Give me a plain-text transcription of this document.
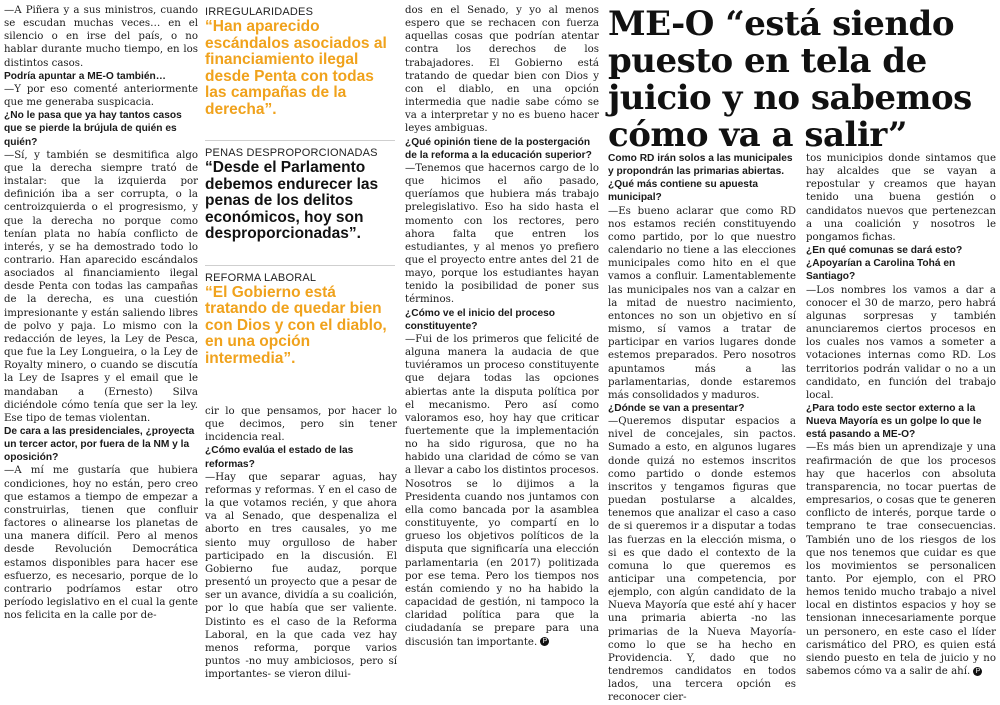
—A Piñera y a sus ministros, cuando se escudan muchas veces… en el silencio o en irse del país, o no hablar durante mucho tiempo, en los distintos casos.

Podría apuntar a ME-O también…

—Y por eso comenté anteriormente que me generaba suspicacia.

¿No le pasa que ya hay tantos casos que se pierde la brújula de quién es quién?

—Sí, y también se desmitifica algo que la derecha siempre trató de instalar: que la izquierda por definición iba a ser corrupta, o la centroizquierda o el progresismo, y que la derecha no porque como tenían plata no había conflicto de interés, y se ha demostrado todo lo contrario. Han aparecido escándalos asociados al financiamiento ilegal desde Penta con todas las campañas de la derecha, es una cuestión impresionante y están saliendo libres de polvo y paja. Lo mismo con la redacción de leyes, la Ley de Pesca, que fue la Ley Longueira, o la Ley de Royalty minero, o cuando se discutía la Ley de Isapres y el email que le mandaban a (Ernesto) Silva diciéndole cómo tenía que ser la ley. Ese tipo de temas violentan.

De cara a las presidenciales, ¿proyecta un tercer actor, por fuera de la NM y la oposición?

—A mí me gustaría que hubiera condiciones, hoy no están, pero creo que estamos a tiempo de empezar a construirlas, tienen que confluir factores o alinearse los planetas de una manera difícil. Pero al menos desde Revolución Democrática estamos disponibles para hacer ese esfuerzo, es necesario, porque de lo contrario podríamos estar otro período legislativo en el cual la gente nos felicita en la calle por de-

IRREGULARIDADES

“Han aparecido escándalos asociados al financiamiento ilegal desde Penta con todas las campañas de la derecha”.

PENAS DESPROPORCIONADAS

“Desde el Parlamento debemos endurecer las penas de los delitos económicos, hoy son desproporcionadas”.

REFORMA LABORAL

“El Gobierno está tratando de quedar bien con Dios y con el diablo, en una opción intermedia”.

cir lo que pensamos, por hacer lo que decimos, pero sin tener incidencia real.

¿Cómo evalúa el estado de las reformas?

—Hay que separar aguas, hay reformas y reformas. Y en el caso de la que votamos recién, y que ahora va al Senado, que despenaliza el aborto en tres causales, yo me siento muy orgulloso de haber participado en la discusión. El Gobierno fue audaz, porque presentó un proyecto que a pesar de ser un avance, dividía a su coalición, por lo que había que ser valiente. Distinto es el caso de la Reforma Laboral, en la que cada vez hay menos reforma, porque varios puntos -no muy ambiciosos, pero sí importantes- se vieron dilui-

dos en el Senado, y yo al menos espero que se rechacen con fuerza aquellas cosas que podrían atentar contra los derechos de los trabajadores. El Gobierno está tratando de quedar bien con Dios y con el diablo, en una opción intermedia que nadie sabe cómo se va a interpretar y no es bueno hacer leyes ambiguas.

¿Qué opinión tiene de la postergación de la reforma a la educación superior?

—Tenemos que hacernos cargo de lo que hicimos el año pasado, queríamos que hubiera más trabajo prelegislativo. Eso ha sido hasta el momento con los rectores, pero ahora falta que entren los estudiantes, y al menos yo prefiero que el proyecto entre antes del 21 de mayo, porque los estudiantes hayan tenido la posibilidad de poner sus términos.

¿Cómo ve el inicio del proceso constituyente?

—Fui de los primeros que felicité de alguna manera la audacia de que tuviéramos un proceso constituyente que dejara todas las opciones abiertas ante la disputa política por el mecanismo. Pero así como valoramos eso, hoy hay que criticar fuertemente que la implementación no ha sido rigurosa, que no ha habido una claridad de cómo se van a llevar a cabo los distintos procesos. Nosotros se lo dijimos a la Presidenta cuando nos juntamos con ella como bancada por la asamblea constituyente, yo compartí en lo grueso los objetivos políticos de la disputa que significaría una elección parlamentaria (en 2017) politizada por ese tema. Pero los tiempos nos están comiendo y no ha habido la capacidad de gestión, ni tampoco la claridad política para que la ciudadanía se prepare para una discusión tan importante. P

ME-O “está siendo puesto en tela de juicio y no sabemos cómo va a salir”

Como RD irán solos a las municipales y propondrán las primarias abiertas. ¿Qué más contiene su apuesta municipal?

—Es bueno aclarar que como RD nos estamos recién constituyendo como partido, por lo que nuestro calendario no tiene a las elecciones municipales como hito en el que vamos a confluir. Lamentablemente las municipales nos van a calzar en la mitad de nuestro nacimiento, entonces no son un objetivo en sí mismo, sí vamos a tratar de participar en varios lugares donde estemos preparados. Pero nosotros apuntamos más a las parlamentarias, donde estaremos más consolidados y maduros.

¿Dónde se van a presentar?

—Queremos disputar espacios a nivel de concejales, sin pactos. Sumado a esto, en algunos lugares donde quizá no estemos inscritos como partido o donde estemos inscritos y tengamos figuras que puedan postularse a alcaldes, tenemos que analizar el caso a caso de si queremos ir a disputar a todas las fuerzas en la elección misma, o si es que dado el contexto de la comuna lo que queremos es anticipar una competencia, por ejemplo, con algún candidato de la Nueva Mayoría que esté ahí y hacer una primaria abierta -no las primarias de la Nueva Mayoría- como lo que se ha hecho en Providencia. Y, dado que no tendremos candidatos en todos lados, una tercera opción es reconocer cier-

tos municipios donde sintamos que hay alcaldes que se vayan a repostular y creamos que hayan tenido una buena gestión o candidatos nuevos que pertenezcan a una coalición y nosotros le pongamos fichas.

¿En qué comunas se dará esto?

¿Apoyarían a Carolina Tohá en Santiago?

—Los nombres los vamos a dar a conocer el 30 de marzo, pero habrá algunas sorpresas y también anunciaremos ciertos procesos en los cuales nos vamos a someter a votaciones internas como RD. Los territorios podrán validar o no a un candidato, en función del trabajo local.

¿Para todo este sector externo a la Nueva Mayoría es un golpe lo que le está pasando a ME-O?

—Es más bien un aprendizaje y una reafirmación de que los procesos hay que hacerlos con absoluta transparencia, no tocar puertas de empresarios, o cosas que te generen conflicto de interés, porque tarde o temprano te trae consecuencias. También uno de los riesgos de los que nos tenemos que cuidar es que los movimientos se personalicen tanto. Por ejemplo, con el PRO hemos tenido mucho trabajo a nivel local en distintos espacios y hoy se tensionan innecesariamente porque un personero, en este caso el líder carismático del PRO, es quien está siendo puesto en tela de juicio y no sabemos cómo va a salir de ahí. P
